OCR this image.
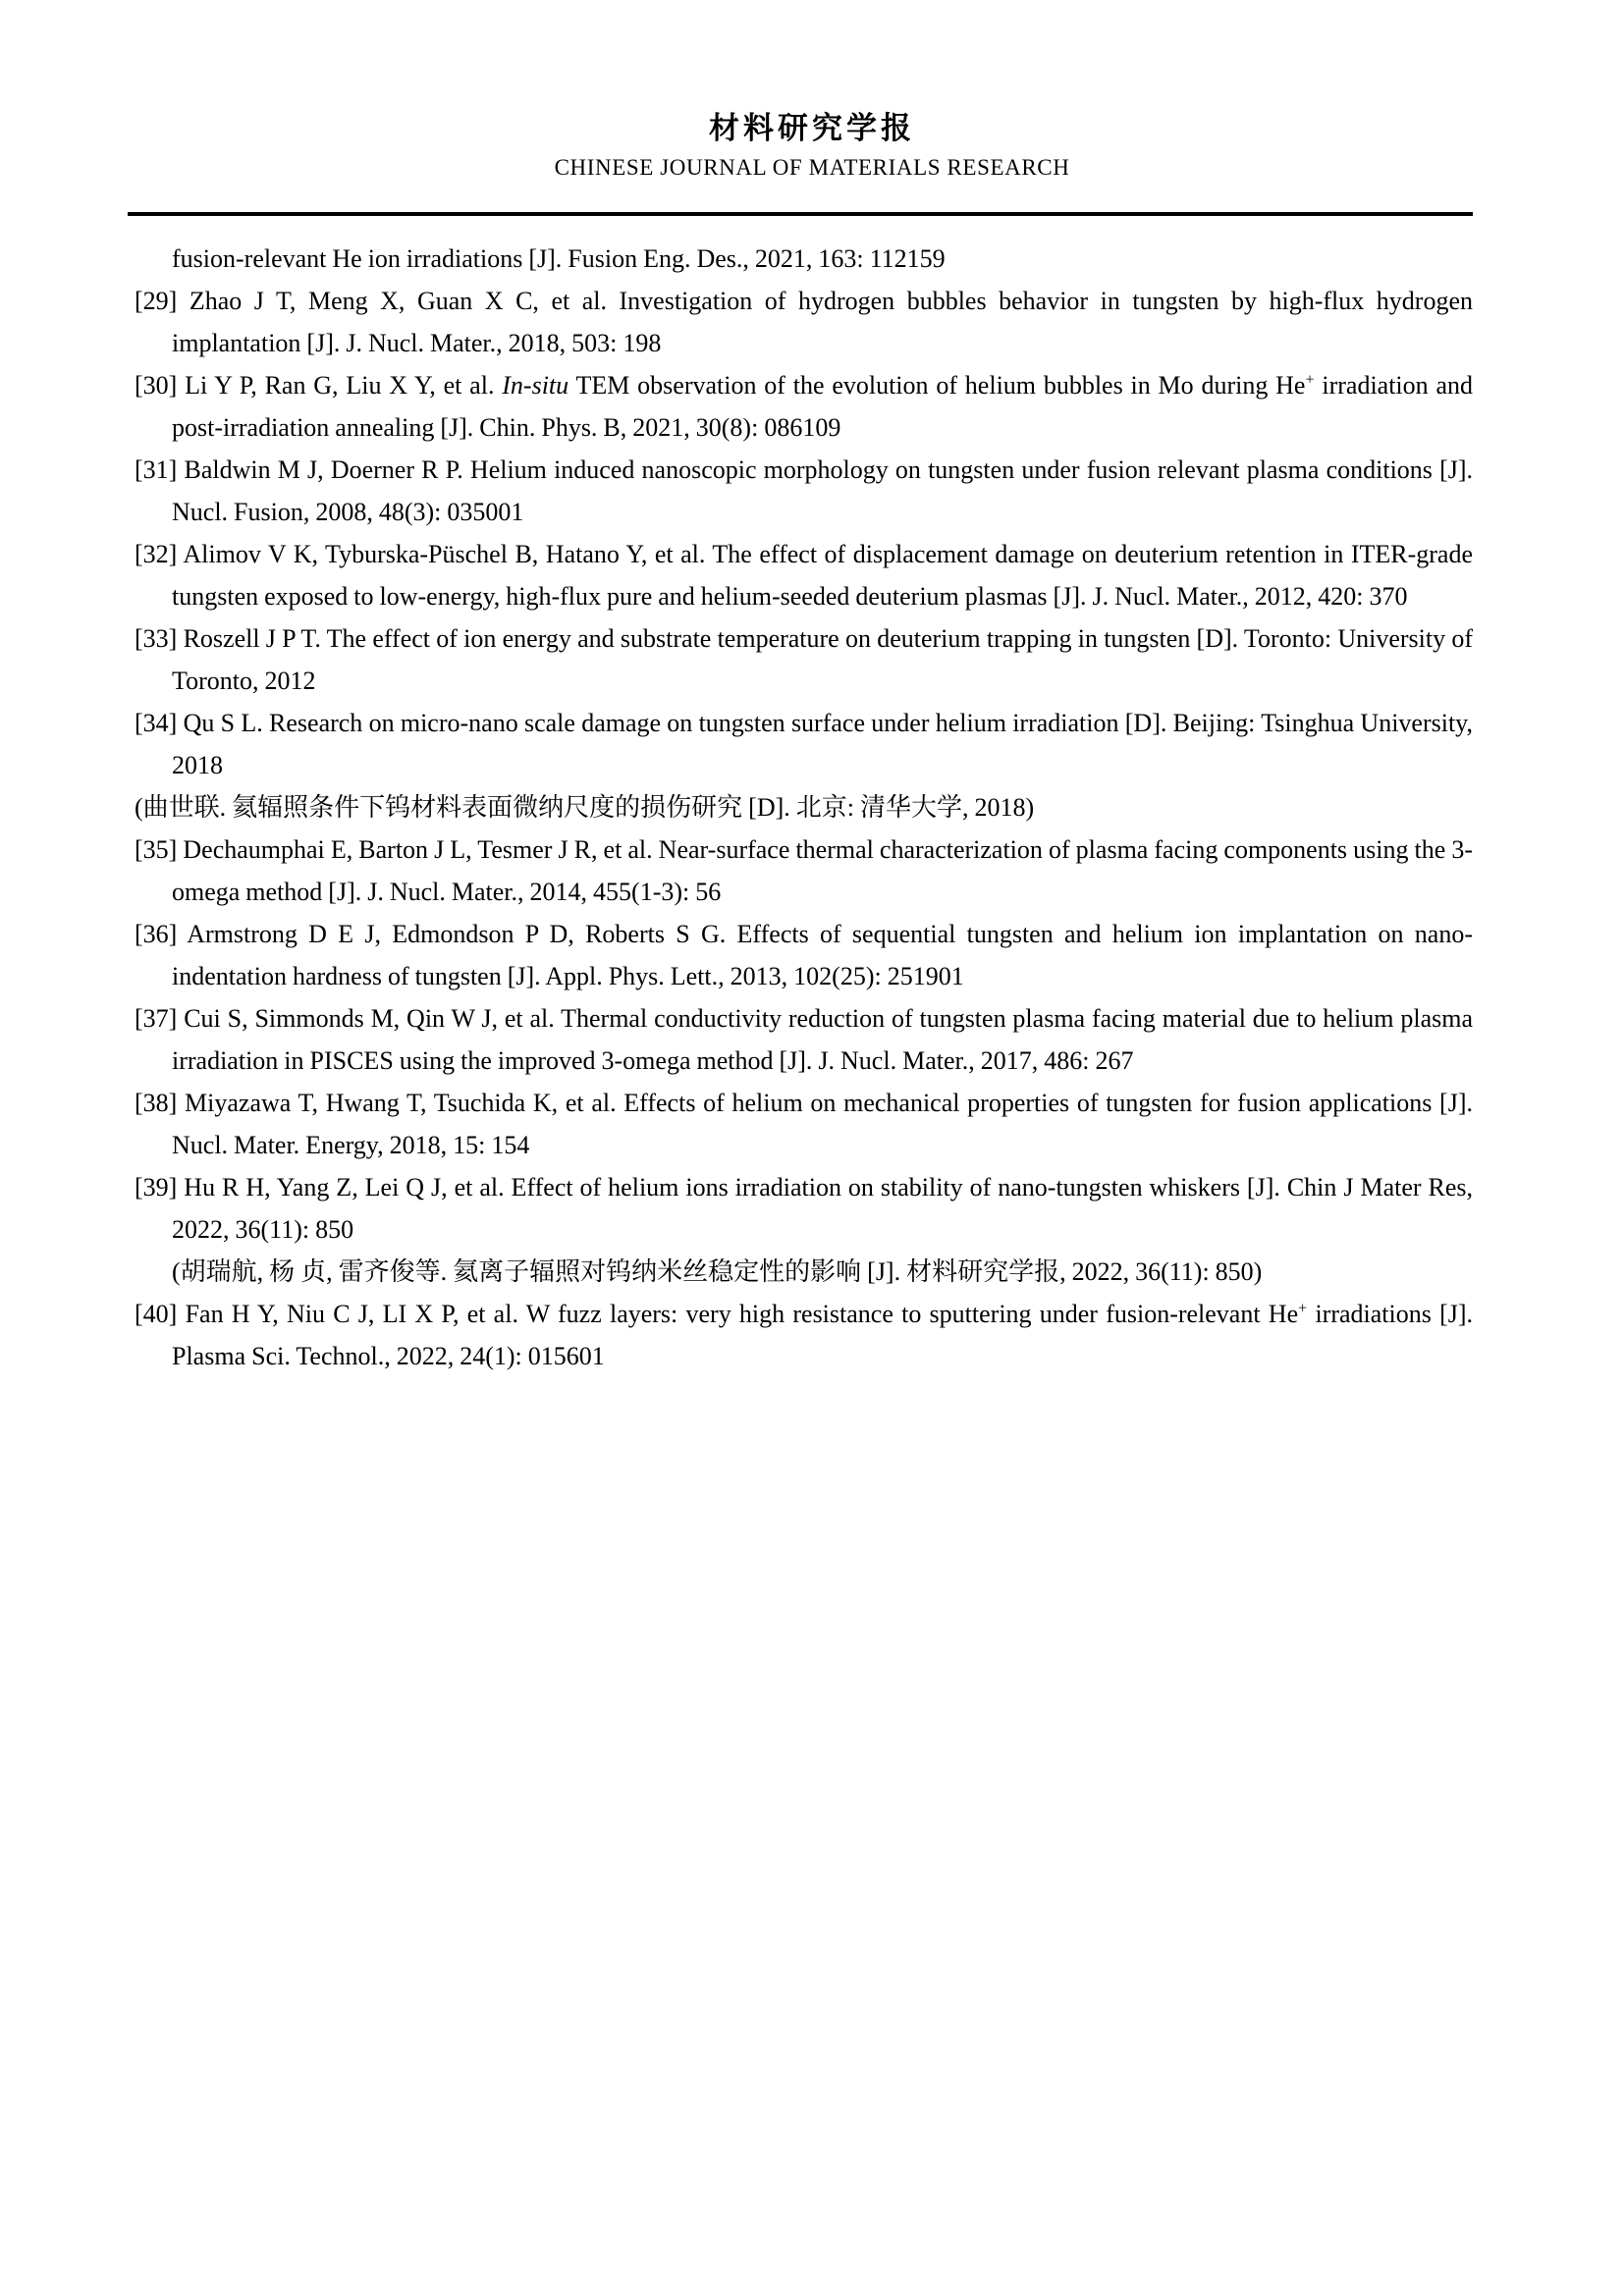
材料研究学报
CHINESE JOURNAL OF MATERIALS RESEARCH
fusion-relevant He ion irradiations [J]. Fusion Eng. Des., 2021, 163: 112159
[29] Zhao J T, Meng X, Guan X C, et al. Investigation of hydrogen bubbles behavior in tungsten by high-flux hydrogen implantation [J]. J. Nucl. Mater., 2018, 503: 198
[30] Li Y P, Ran G, Liu X Y, et al. In-situ TEM observation of the evolution of helium bubbles in Mo during He+ irradiation and post-irradiation annealing [J]. Chin. Phys. B, 2021, 30(8): 086109
[31] Baldwin M J, Doerner R P. Helium induced nanoscopic morphology on tungsten under fusion relevant plasma conditions [J]. Nucl. Fusion, 2008, 48(3): 035001
[32] Alimov V K, Tyburska-Püschel B, Hatano Y, et al. The effect of displacement damage on deuterium retention in ITER-grade tungsten exposed to low-energy, high-flux pure and helium-seeded deuterium plasmas [J]. J. Nucl. Mater., 2012, 420: 370
[33] Roszell J P T. The effect of ion energy and substrate temperature on deuterium trapping in tungsten [D]. Toronto: University of Toronto, 2012
[34] Qu S L. Research on micro-nano scale damage on tungsten surface under helium irradiation [D]. Beijing: Tsinghua University, 2018
(曲世联. 氦辐照条件下钨材料表面微纳尺度的损伤研究 [D]. 北京: 清华大学, 2018)
[35] Dechaumphai E, Barton J L, Tesmer J R, et al. Near-surface thermal characterization of plasma facing components using the 3-omega method [J]. J. Nucl. Mater., 2014, 455(1-3): 56
[36] Armstrong D E J, Edmondson P D, Roberts S G. Effects of sequential tungsten and helium ion implantation on nano-indentation hardness of tungsten [J]. Appl. Phys. Lett., 2013, 102(25): 251901
[37] Cui S, Simmonds M, Qin W J, et al. Thermal conductivity reduction of tungsten plasma facing material due to helium plasma irradiation in PISCES using the improved 3-omega method [J]. J. Nucl. Mater., 2017, 486: 267
[38] Miyazawa T, Hwang T, Tsuchida K, et al. Effects of helium on mechanical properties of tungsten for fusion applications [J]. Nucl. Mater. Energy, 2018, 15: 154
[39] Hu R H, Yang Z, Lei Q J, et al. Effect of helium ions irradiation on stability of nano-tungsten whiskers [J]. Chin J Mater Res, 2022, 36(11): 850
(胡瑞航, 杨 贞, 雷齐俊等. 氦离子辐照对钨纳米丝稳定性的影响 [J]. 材料研究学报, 2022, 36(11): 850)
[40] Fan H Y, Niu C J, LI X P, et al. W fuzz layers: very high resistance to sputtering under fusion-relevant He+ irradiations [J]. Plasma Sci. Technol., 2022, 24(1): 015601
